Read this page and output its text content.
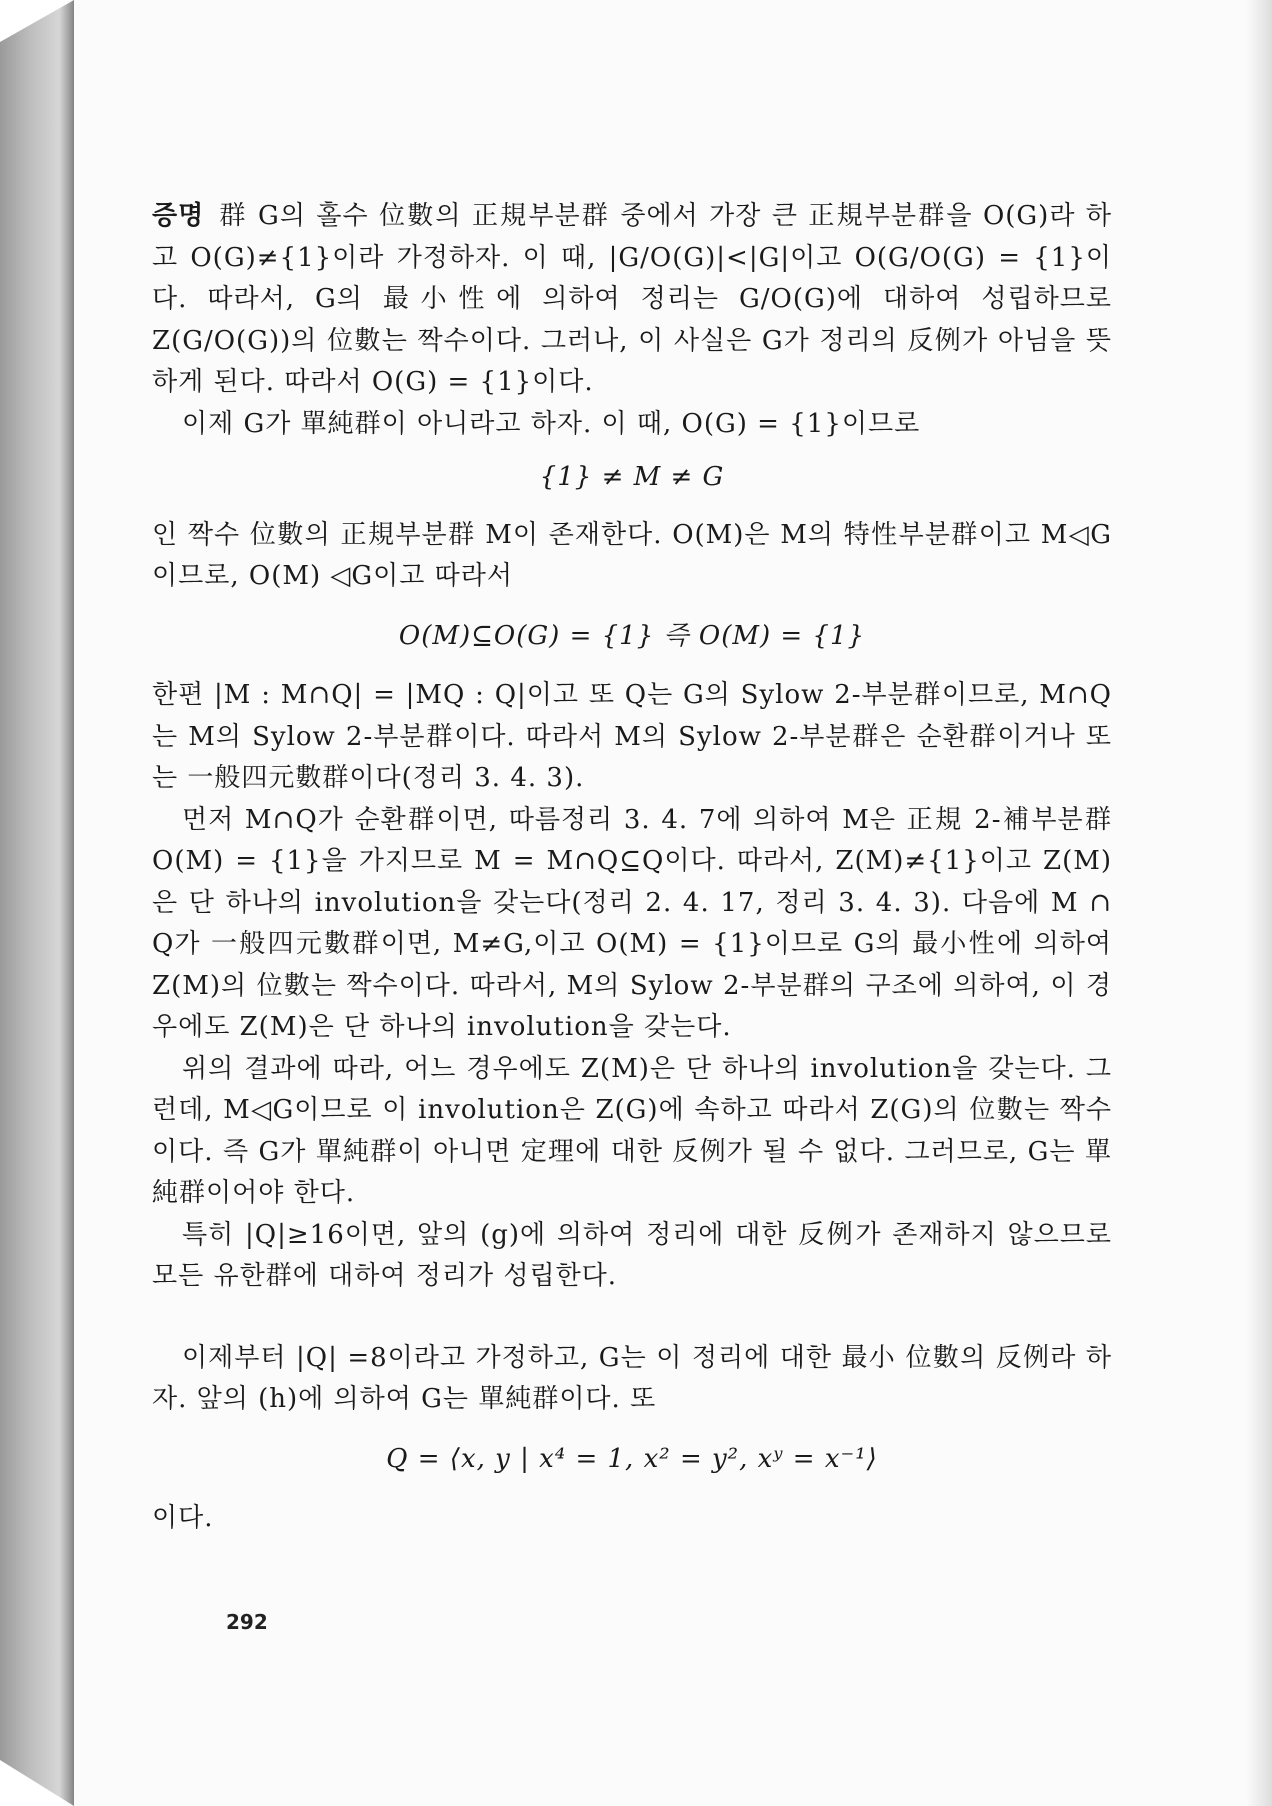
증명 群 G의 홀수 位數의 正規부분群 중에서 가장 큰 正規부분群을 O(G)라 하고 O(G)≠{1}이라 가정하자. 이 때, |G/O(G)|<|G|이고 O(G/O(G) = {1}이다. 따라서, G의 最小性에 의하여 정리는 G/O(G)에 대하여 성립하므로 Z(G/O(G))의 位數는 짝수이다. 그러나, 이 사실은 G가 정리의 反例가 아님을 뜻하게 된다. 따라서 O(G) = {1}이다.

이제 G가 單純群이 아니라고 하자. 이 때, O(G) = {1}이므로

{1} ≠ M ≠ G

인 짝수 位數의 正規부분群 M이 존재한다. O(M)은 M의 特性부분群이고 M◁G이므로, O(M) ◁G이고 따라서

O(M)⊆O(G) = {1} 즉 O(M) = {1}

한편 |M : M∩Q| = |MQ : Q|이고 또 Q는 G의 Sylow 2-부분群이므로, M∩Q는 M의 Sylow 2-부분群이다. 따라서 M의 Sylow 2-부분群은 순환群이거나 또는 一般四元數群이다(정리 3. 4. 3).

먼저 M∩Q가 순환群이면, 따름정리 3. 4. 7에 의하여 M은 正規 2-補부분群 O(M) = {1}을 가지므로 M = M∩Q⊆Q이다. 따라서, Z(M)≠{1}이고 Z(M)은 단 하나의 involution을 갖는다(정리 2. 4. 17, 정리 3. 4. 3). 다음에 M ∩ Q가 一般四元數群이면, M≠G,이고 O(M) = {1}이므로 G의 最小性에 의하여 Z(M)의 位數는 짝수이다. 따라서, M의 Sylow 2-부분群의 구조에 의하여, 이 경우에도 Z(M)은 단 하나의 involution을 갖는다.

위의 결과에 따라, 어느 경우에도 Z(M)은 단 하나의 involution을 갖는다. 그런데, M◁G이므로 이 involution은 Z(G)에 속하고 따라서 Z(G)의 位數는 짝수이다. 즉 G가 單純群이 아니면 定理에 대한 反例가 될 수 없다. 그러므로, G는 單純群이어야 한다.

특히 |Q|≥16이면, 앞의 (g)에 의하여 정리에 대한 反例가 존재하지 않으므로 모든 유한群에 대하여 정리가 성립한다.

이제부터 |Q| =8이라고 가정하고, G는 이 정리에 대한 最小 位數의 反例라 하자. 앞의 (h)에 의하여 G는 單純群이다. 또

Q = ⟨x, y | x⁴ = 1, x² = y², xʸ = x⁻¹⟩

이다.

292
